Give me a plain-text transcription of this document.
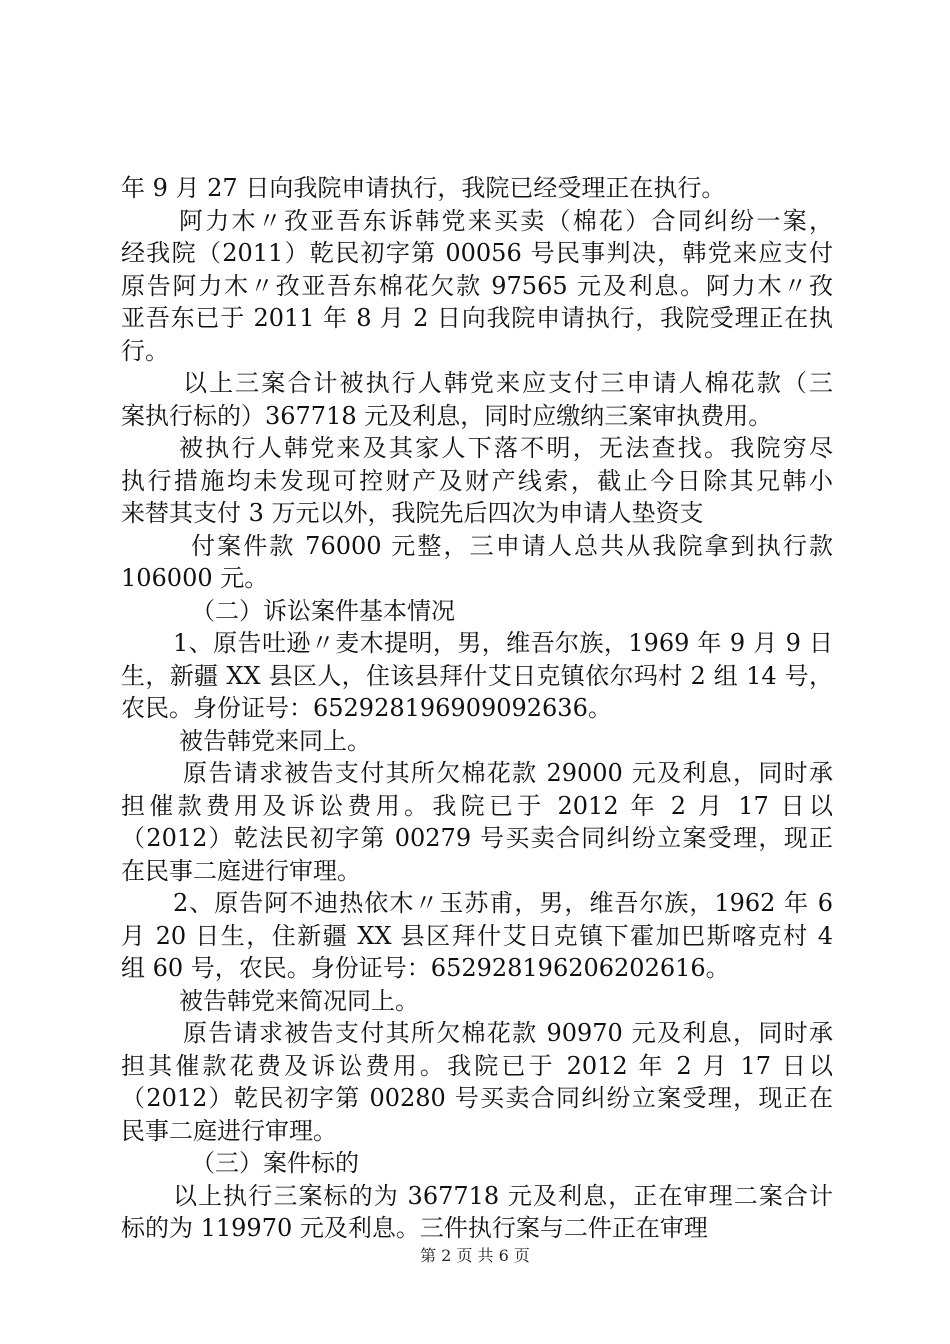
年 9 月 27 日向我院申请执行，我院已经受理正在执行。
阿力木〃孜亚吾东诉韩党来买卖（棉花）合同纠纷一案，
经我院（2011）乾民初字第 00056 号民事判决，韩党来应支付
原告阿力木〃孜亚吾东棉花欠款 97565 元及利息。阿力木〃孜
亚吾东已于 2011 年 8 月 2 日向我院申请执行，我院受理正在执
行。
以上三案合计被执行人韩党来应支付三申请人棉花款（三
案执行标的）367718 元及利息，同时应缴纳三案审执费用。
被执行人韩党来及其家人下落不明，无法查找。我院穷尽
执行措施均未发现可控财产及财产线索，截止今日除其兄韩小
来替其支付 3 万元以外，我院先后四次为申请人垫资支
付案件款 76000 元整，三申请人总共从我院拿到执行款
106000 元。
（二）诉讼案件基本情况
1、原告吐逊〃麦木提明，男，维吾尔族，1969 年 9 月 9 日
生，新疆 XX 县区人，住该县拜什艾日克镇依尔玛村 2 组 14 号，
农民。身份证号：652928196909092636。
被告韩党来同上。
原告请求被告支付其所欠棉花款 29000 元及利息，同时承
担催款费用及诉讼费用。我院已于 2012 年 2 月 17 日以
（2012）乾法民初字第 00279 号买卖合同纠纷立案受理，现正
在民事二庭进行审理。
2、原告阿不迪热依木〃玉苏甫，男，维吾尔族，1962 年 6
月 20 日生，住新疆 XX 县区拜什艾日克镇下霍加巴斯喀克村 4
组 60 号，农民。身份证号：652928196206202616。
被告韩党来简况同上。
原告请求被告支付其所欠棉花款 90970 元及利息，同时承
担其催款花费及诉讼费用。我院已于 2012 年 2 月 17 日以
（2012）乾民初字第 00280 号买卖合同纠纷立案受理，现正在
民事二庭进行审理。
（三）案件标的
以上执行三案标的为 367718 元及利息，正在审理二案合计
标的为 119970 元及利息。三件执行案与二件正在审理
第 2 页 共 6 页
